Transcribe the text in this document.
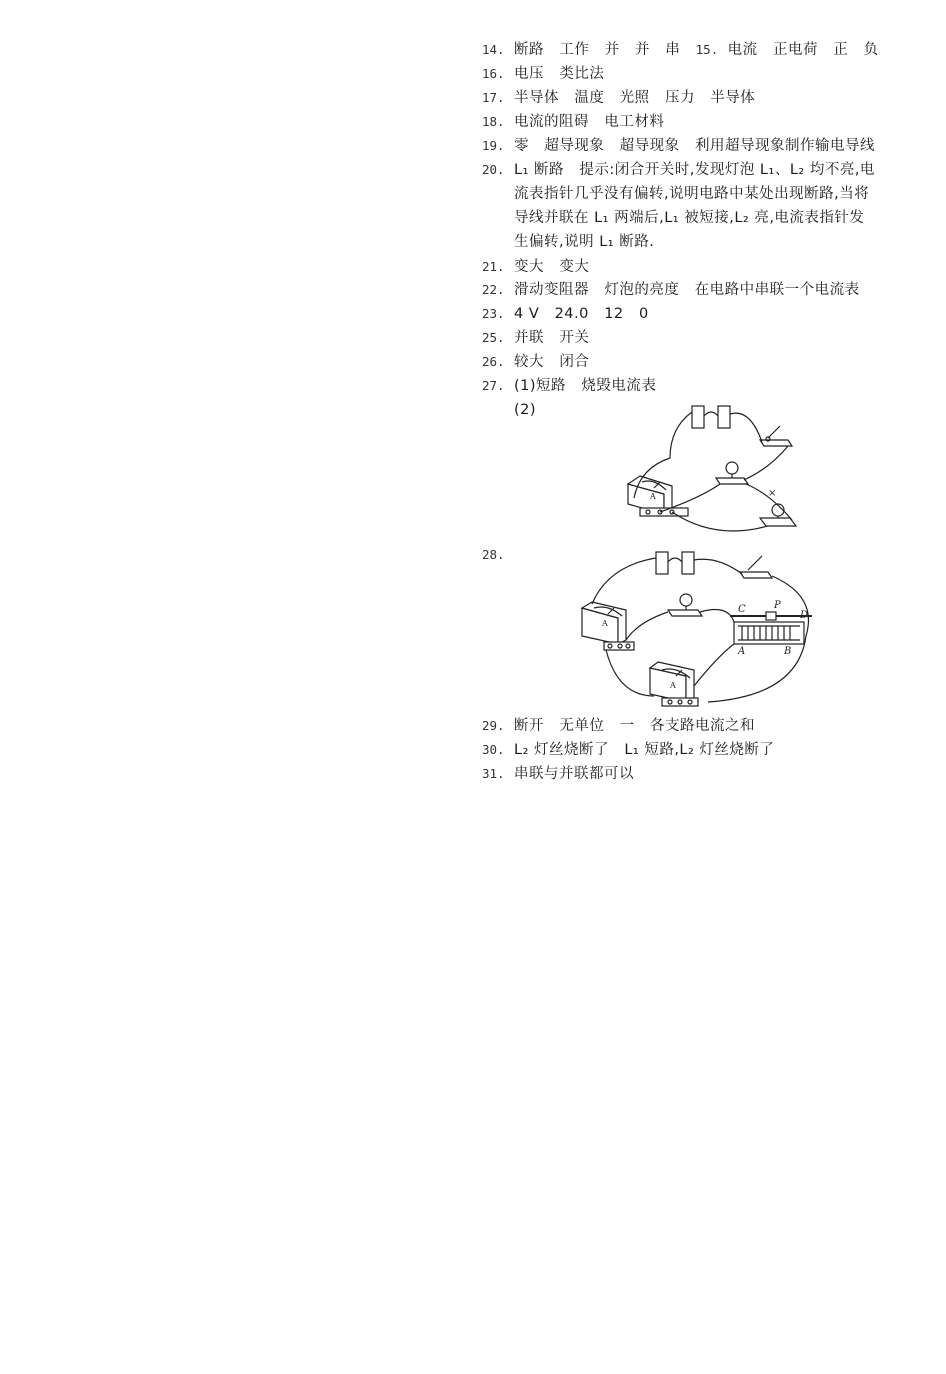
14. 断路   工作   并   并   串   15. 电流   正电荷   正   负
16. 电压   类比法
17. 半导体   温度   光照   压力   半导体
18. 电流的阻碍   电工材料
19. 零   超导现象   超导现象   利用超导现象制作输电导线
20. L₁ 断路   提示:闭合开关时,发现灯泡 L₁、L₂ 均不亮,电
流表指针几乎没有偏转,说明电路中某处出现断路,当将
导线并联在 L₁ 两端后,L₁ 被短接,L₂ 亮,电流表指针发
生偏转,说明 L₁ 断路.
21. 变大   变大
22. 滑动变阻器   灯泡的亮度   在电路中串联一个电流表
23. 4 V   24.0   12   0
25. 并联   开关
26. 较大   闭合
27. (1)短路   烧毁电流表
(2)
28.
29. 断开   无单位   一   各支路电流之和
30. L₂ 灯丝烧断了   L₁ 短路,L₂ 灯丝烧断了
31. 串联与并联都可以
A	×
A
A
C	P
D
A	B
